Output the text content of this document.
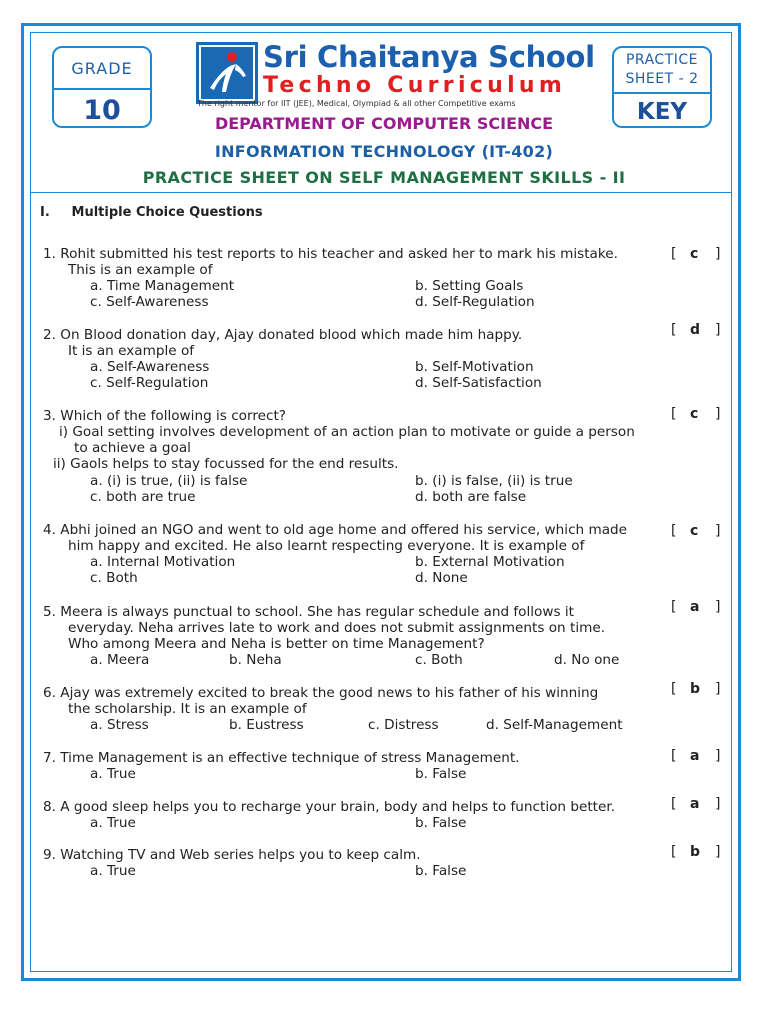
GRADE
10
PRACTICE
SHEET - 2
KEY
Sri Chaitanya School
Techno Curriculum
The right mentor for IIT (JEE), Medical, Olympiad & all other Competitive exams
DEPARTMENT OF COMPUTER SCIENCE
INFORMATION TECHNOLOGY (IT-402)
PRACTICE SHEET ON SELF MANAGEMENT SKILLS - II
I. Multiple Choice Questions
1. Rohit submitted his test reports to his teacher and asked her to mark his mistake.
This is an example of
a. Time Management	b. Setting Goals
c. Self-Awareness	d. Self-Regulation
[ c ]
2. On Blood donation day, Ajay donated blood which made him happy.
It is an example of
a. Self-Awareness	b. Self-Motivation
c. Self-Regulation	d. Self-Satisfaction
[ d ]
3. Which of the following is correct?
i) Goal setting involves development of an action plan to motivate or guide a person
to achieve a goal
ii) Gaols helps to stay focussed for the end results.
a. (i) is true, (ii) is false	b. (i) is false, (ii) is true
c. both are true	d. both are false
[ c ]
4. Abhi joined an NGO and went to old age home and offered his service, which made
him happy and excited. He also learnt respecting everyone. It is example of
a. Internal Motivation	b. External Motivation
c. Both	d. None
[ c ]
5. Meera is always punctual to school. She has regular schedule and follows it
everyday. Neha arrives late to work and does not submit assignments on time.
Who among Meera and Neha is better on time Management?
a. Meera	b. Neha	c. Both	d. No one
[ a ]
6. Ajay was extremely excited to break the good news to his father of his winning
the scholarship. It is an example of
a. Stress	b. Eustress	c. Distress	d. Self-Management
[ b ]
7. Time Management is an effective technique of stress Management.
a. True	b. False
[ a ]
8. A good sleep helps you to recharge your brain, body and helps to function better.
a. True	b. False
[ a ]
9. Watching TV and Web series helps you to keep calm.
a. True	b. False
[ b ]
